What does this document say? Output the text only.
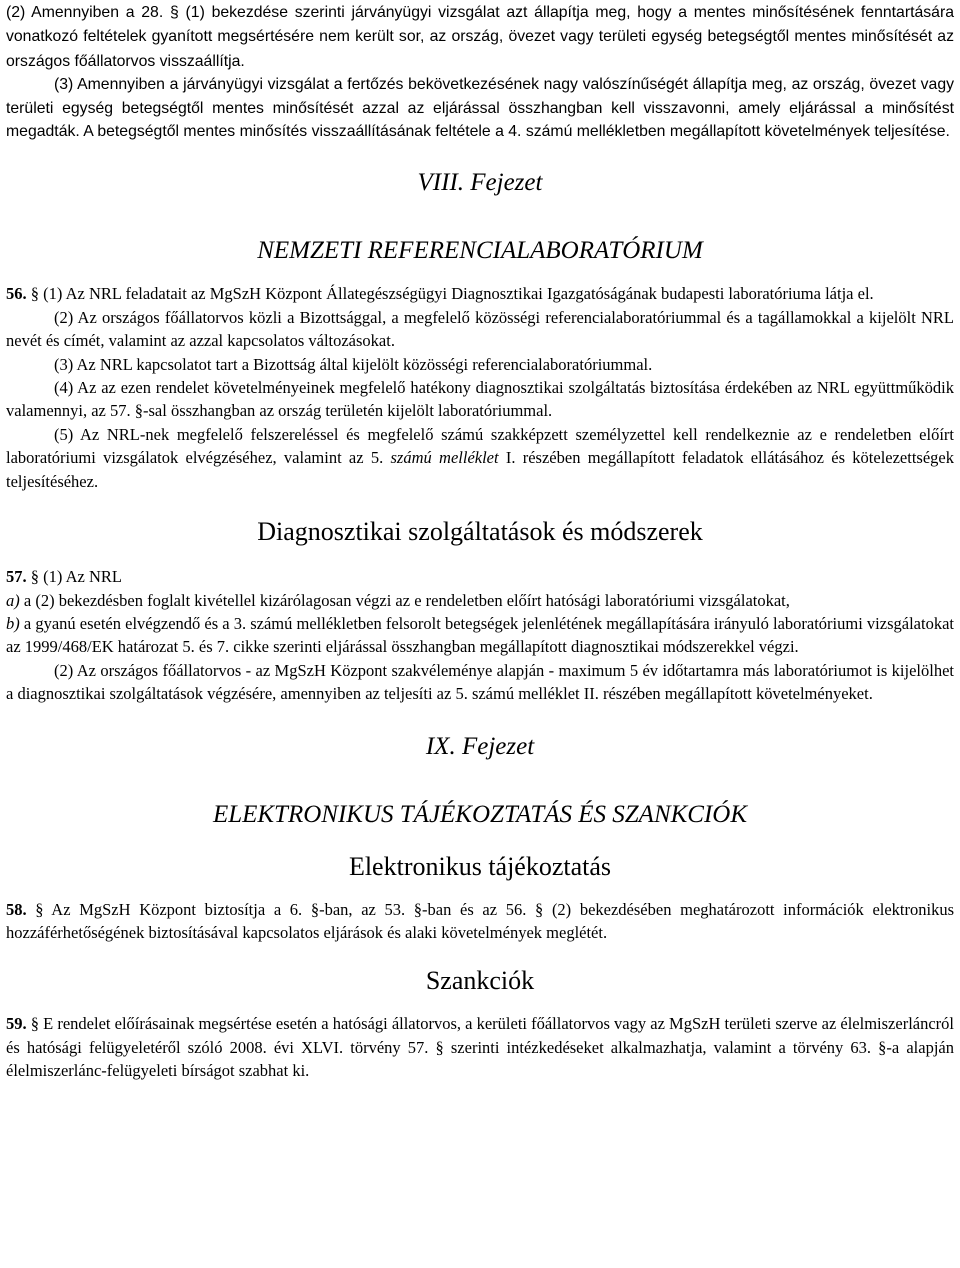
(2) Amennyiben a 28. § (1) bekezdése szerinti járványügyi vizsgálat azt állapítja meg, hogy a mentes minősítésének fenntartására vonatkozó feltételek gyanított megsértésére nem került sor, az ország, övezet vagy területi egység betegségtől mentes minősítését az országos főállatorvos visszaállítja.

(3) Amennyiben a járványügyi vizsgálat a fertőzés bekövetkezésének nagy valószínűségét állapítja meg, az ország, övezet vagy területi egység betegségtől mentes minősítését azzal az eljárással összhangban kell visszavonni, amely eljárással a minősítést megadták. A betegségtől mentes minősítés visszaállításának feltétele a 4. számú mellékletben megállapított követelmények teljesítése.

VIII. Fejezet

NEMZETI REFERENCIALABORATÓRIUM

56. § (1) Az NRL feladatait az MgSzH Központ Állategészségügyi Diagnosztikai Igazgatóságának budapesti laboratóriuma látja el.

(2) Az országos főállatorvos közli a Bizottsággal, a megfelelő közösségi referencialaboratóriummal és a tagállamokkal a kijelölt NRL nevét és címét, valamint az azzal kapcsolatos változásokat.

(3) Az NRL kapcsolatot tart a Bizottság által kijelölt közösségi referencialaboratóriummal.

(4) Az az ezen rendelet követelményeinek megfelelő hatékony diagnosztikai szolgáltatás biztosítása érdekében az NRL együttműködik valamennyi, az 57. §-sal összhangban az ország területén kijelölt laboratóriummal.

(5) Az NRL-nek megfelelő felszereléssel és megfelelő számú szakképzett személyzettel kell rendelkeznie az e rendeletben előírt laboratóriumi vizsgálatok elvégzéséhez, valamint az 5. számú melléklet I. részében megállapított feladatok ellátásához és kötelezettségek teljesítéséhez.

Diagnosztikai szolgáltatások és módszerek

57. § (1) Az NRL

a) a (2) bekezdésben foglalt kivétellel kizárólagosan végzi az e rendeletben előírt hatósági laboratóriumi vizsgálatokat,

b) a gyanú esetén elvégzendő és a 3. számú mellékletben felsorolt betegségek jelenlétének megállapítására irányuló laboratóriumi vizsgálatokat az 1999/468/EK határozat 5. és 7. cikke szerinti eljárással összhangban megállapított diagnosztikai módszerekkel végzi.

(2) Az országos főállatorvos - az MgSzH Központ szakvéleménye alapján - maximum 5 év időtartamra más laboratóriumot is kijelölhet a diagnosztikai szolgáltatások végzésére, amennyiben az teljesíti az 5. számú melléklet II. részében megállapított követelményeket.

IX. Fejezet

ELEKTRONIKUS TÁJÉKOZTATÁS ÉS SZANKCIÓK

Elektronikus tájékoztatás

58. § Az MgSzH Központ biztosítja a 6. §-ban, az 53. §-ban és az 56. § (2) bekezdésében meghatározott információk elektronikus hozzáférhetőségének biztosításával kapcsolatos eljárások és alaki követelmények meglétét.

Szankciók

59. § E rendelet előírásainak megsértése esetén a hatósági állatorvos, a kerületi főállatorvos vagy az MgSzH területi szerve az élelmiszerláncról és hatósági felügyeletéről szóló 2008. évi XLVI. törvény 57. § szerinti intézkedéseket alkalmazhatja, valamint a törvény 63. §-a alapján élelmiszerlánc-felügyeleti bírságot szabhat ki.
